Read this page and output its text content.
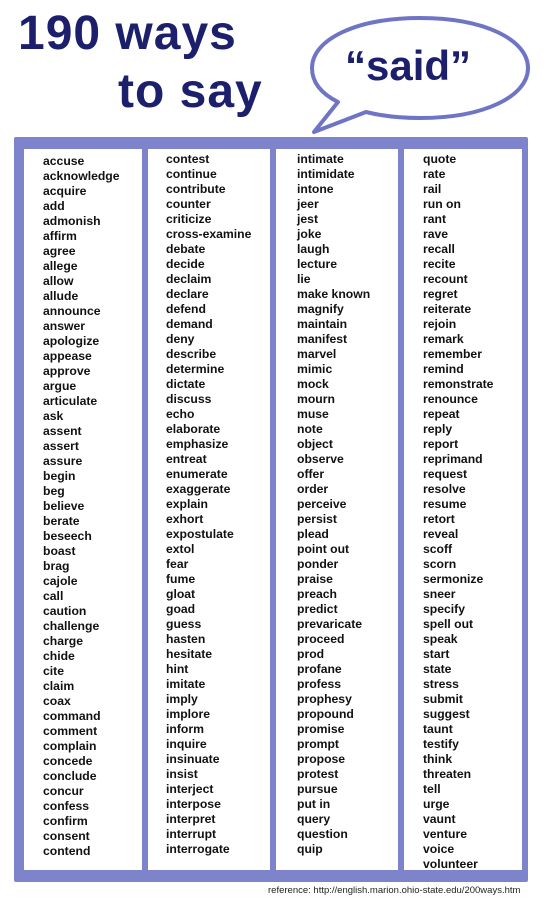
190 ways
to say “said”
accuse
acknowledge
acquire
add
admonish
affirm
agree
allege
allow
allude
announce
answer
apologize
appease
approve
argue
articulate
ask
assent
assert
assure
begin
beg
believe
berate
beseech
boast
brag
cajole
call
caution
challenge
charge
chide
cite
claim
coax
command
comment
complain
concede
conclude
concur
confess
confirm
consent
contend
contest
continue
contribute
counter
criticize
cross-examine
debate
decide
declaim
declare
defend
demand
deny
describe
determine
dictate
discuss
echo
elaborate
emphasize
entreat
enumerate
exaggerate
explain
exhort
expostulate
extol
fear
fume
gloat
goad
guess
hasten
hesitate
hint
imitate
imply
implore
inform
inquire
insinuate
insist
interject
interpose
interpret
interrupt
interrogate
intimate
intimidate
intone
jeer
jest
joke
laugh
lecture
lie
make known
magnify
maintain
manifest
marvel
mimic
mock
mourn
muse
note
object
observe
offer
order
perceive
persist
plead
point out
ponder
praise
preach
predict
prevaricate
proceed
prod
profane
profess
prophesy
propound
promise
prompt
propose
protest
pursue
put in
query
question
quip
quote
rate
rail
run on
rant
rave
recall
recite
recount
regret
reiterate
rejoin
remark
remember
remind
remonstrate
renounce
repeat
reply
report
reprimand
request
resolve
resume
retort
reveal
scoff
scorn
sermonize
sneer
specify
spell out
speak
start
state
stress
submit
suggest
taunt
testify
think
threaten
tell
urge
vaunt
venture
voice
volunteer
reference: http://english.marion.ohio-state.edu/200ways.htm
